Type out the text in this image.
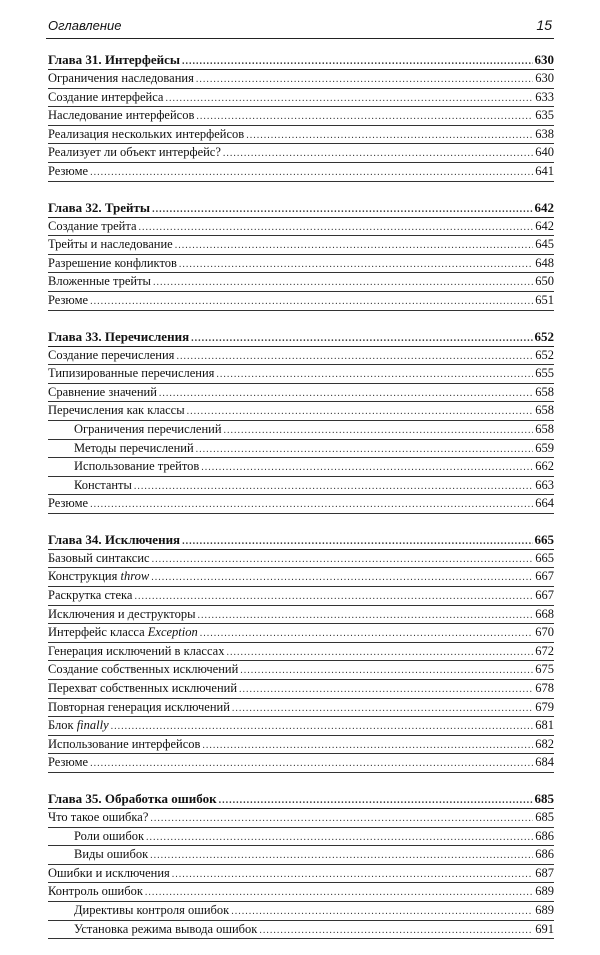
Оглавление	15
Глава 31. Интерфейсы .....	630
Ограничения наследования .....	630
Создание интерфейса .....	633
Наследование интерфейсов .....	635
Реализация нескольких интерфейсов .....	638
Реализует ли объект интерфейс? .....	640
Резюме .....	641
Глава 32. Трейты .....	642
Создание трейта .....	642
Трейты и наследование .....	645
Разрешение конфликтов .....	648
Вложенные трейты .....	650
Резюме .....	651
Глава 33. Перечисления .....	652
Создание перечисления .....	652
Типизированные перечисления .....	655
Сравнение значений .....	658
Перечисления как классы .....	658
Ограничения перечислений .....	658
Методы перечислений .....	659
Использование трейтов .....	662
Константы .....	663
Резюме .....	664
Глава 34. Исключения .....	665
Базовый синтаксис .....	665
Конструкция throw .....	667
Раскрутка стека .....	667
Исключения и деструкторы .....	668
Интерфейс класса Exception .....	670
Генерация исключений в классах .....	672
Создание собственных исключений .....	675
Перехват собственных исключений .....	678
Повторная генерация исключений .....	679
Блок finally .....	681
Использование интерфейсов .....	682
Резюме .....	684
Глава 35. Обработка ошибок .....	685
Что такое ошибка? .....	685
Роли ошибок .....	686
Виды ошибок .....	686
Ошибки и исключения .....	687
Контроль ошибок .....	689
Директивы контроля ошибок .....	689
Установка режима вывода ошибок .....	691
